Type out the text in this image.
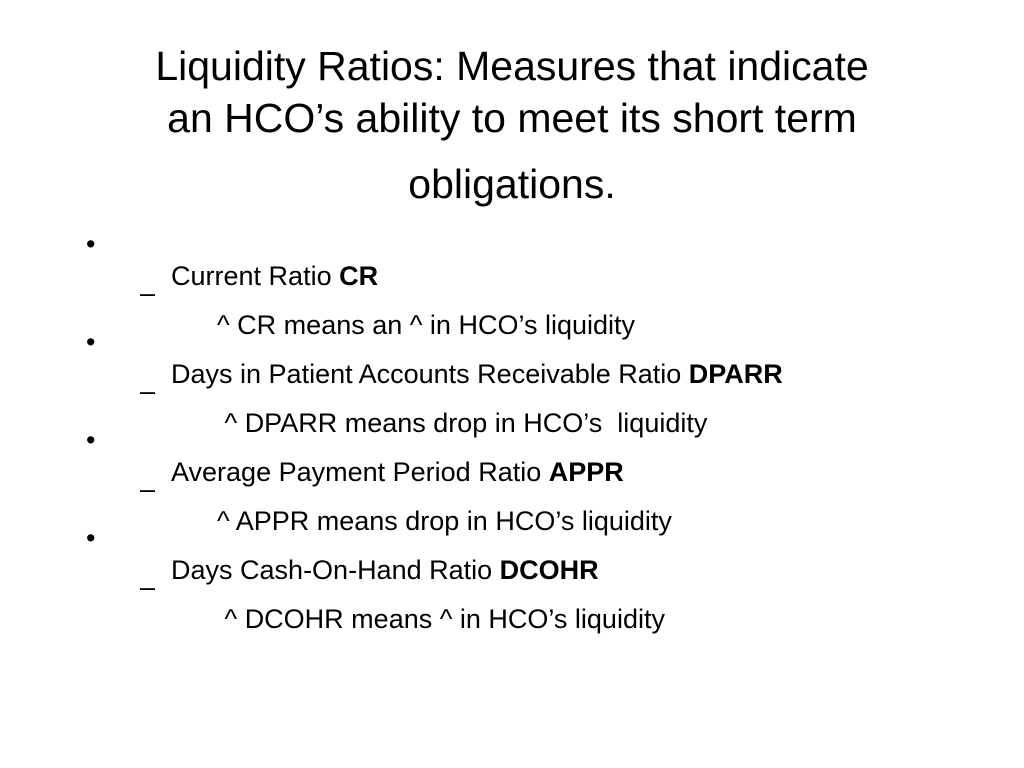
Liquidity Ratios: Measures that indicate
an HCO’s ability to meet its short term
obligations.

•
Current Ratio CR

–
^ CR means an ^ in HCO’s liquidity

•
Days in Patient Accounts Receivable Ratio DPARR

–
^ DPARR means drop in HCO’s  liquidity

•
Average Payment Period Ratio APPR

–
^ APPR means drop in HCO’s liquidity

•
Days Cash-On-Hand Ratio DCOHR

–
^ DCOHR means ^ in HCO’s liquidity
